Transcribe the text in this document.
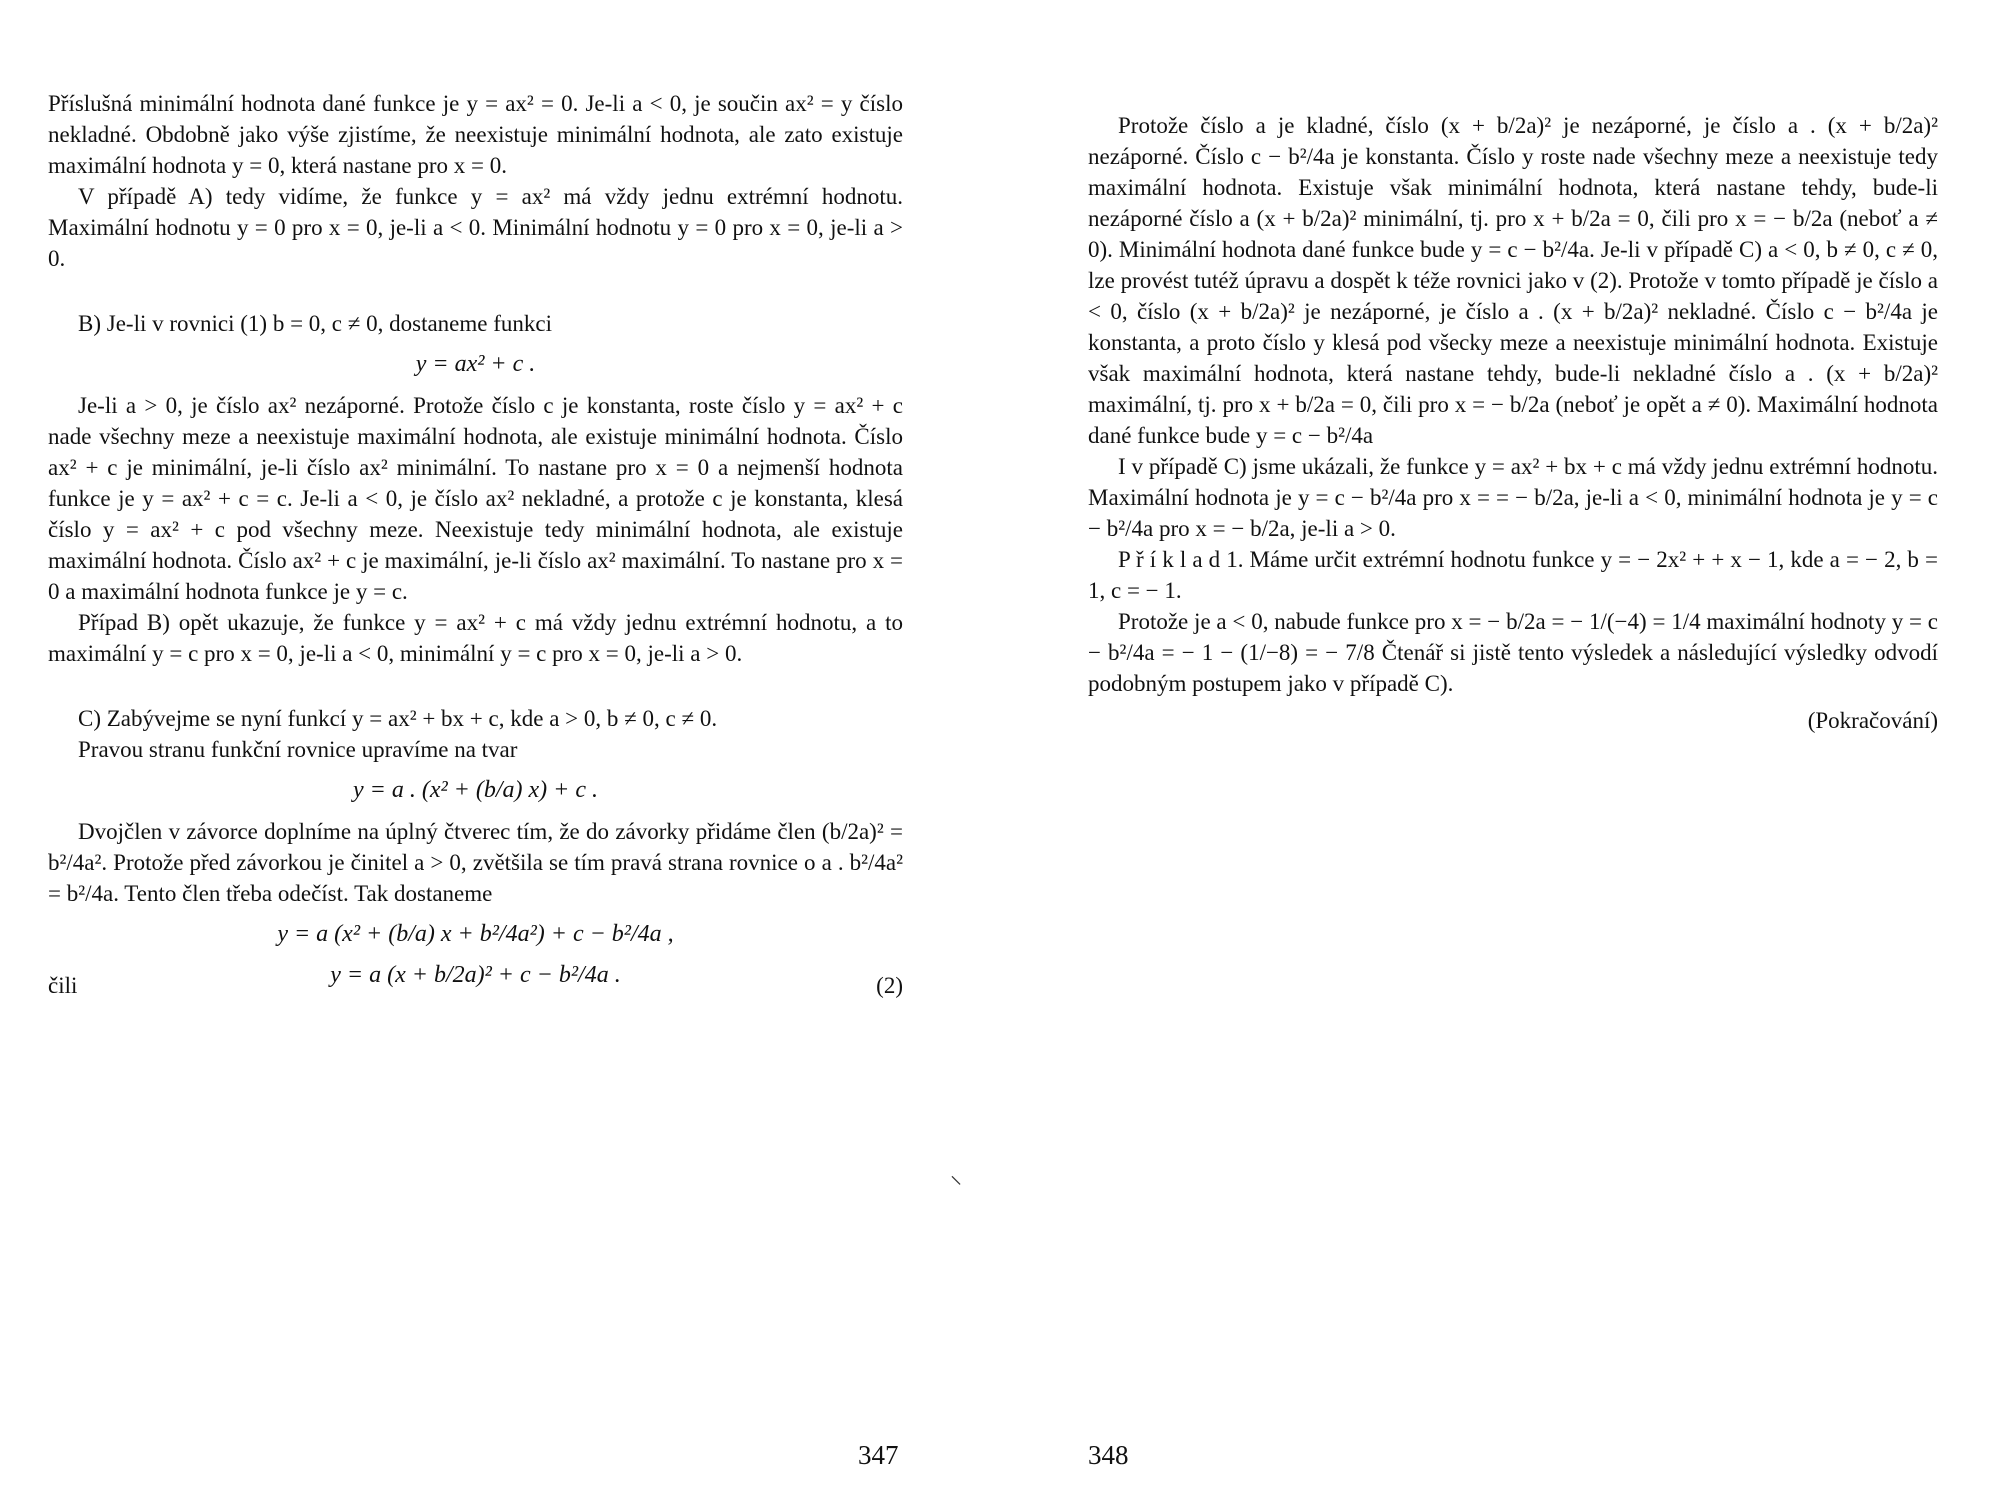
Příslušná minimální hodnota dané funkce je y = ax² = 0. Je-li a < 0, je součin ax² = y číslo nekladné. Obdobně jako výše zjistíme, že neexistuje minimální hodnota, ale zato existuje maximální hodnota y = 0, která nastane pro x = 0.

V případě A) tedy vidíme, že funkce y = ax² má vždy jednu extrémní hodnotu. Maximální hodnotu y = 0 pro x = 0, je-li a < 0. Minimální hodnotu y = 0 pro x = 0, je-li a > 0.

B) Je-li v rovnici (1) b = 0, c ≠ 0, dostaneme funkci

y = ax² + c .

Je-li a > 0, je číslo ax² nezáporné. Protože číslo c je konstanta, roste číslo y = ax² + c nade všechny meze a neexistuje maximální hodnota, ale existuje minimální hodnota. Číslo ax² + c je minimální, je-li číslo ax² minimální. To nastane pro x = 0 a nejmenší hodnota funkce je y = ax² + c = c. Je-li a < 0, je číslo ax² nekladné, a protože c je konstanta, klesá číslo y = ax² + c pod všechny meze. Neexistuje tedy minimální hodnota, ale existuje maximální hodnota. Číslo ax² + c je maximální, je-li číslo ax² maximální. To nastane pro x = 0 a maximální hodnota funkce je y = c.

Případ B) opět ukazuje, že funkce y = ax² + c má vždy jednu extrémní hodnotu, a to maximální y = c pro x = 0, je-li a < 0, minimální y = c pro x = 0, je-li a > 0.

C) Zabývejme se nyní funkcí y = ax² + bx + c, kde a > 0, b ≠ 0, c ≠ 0.

Pravou stranu funkční rovnice upravíme na tvar

y = a . (x² + (b/a) x) + c .

Dvojčlen v závorce doplníme na úplný čtverec tím, že do závorky přidáme člen (b/2a)² = b²/4a². Protože před závorkou je činitel a > 0, zvětšila se tím pravá strana rovnice o a . b²/4a² = b²/4a. Tento člen třeba odečíst. Tak dostaneme

y = a (x² + (b/a) x + b²/4a²) + c − b²/4a ,

čili	y = a (x + b/2a)² + c − b²/4a .	(2)
347
⸌

Protože číslo a je kladné, číslo (x + b/2a)² je nezáporné, je číslo a . (x + b/2a)² nezáporné. Číslo c − b²/4a je konstanta. Číslo y roste nade všechny meze a neexistuje tedy maximální hodnota. Existuje však minimální hodnota, která nastane tehdy, bude-li nezáporné číslo a (x + b/2a)² minimální, tj. pro x + b/2a = 0, čili pro x = − b/2a (neboť a ≠ 0). Minimální hodnota dané funkce bude y = c − b²/4a. Je-li v případě C) a < 0, b ≠ 0, c ≠ 0, lze provést tutéž úpravu a dospět k téže rovnici jako v (2). Protože v tomto případě je číslo a < 0, číslo (x + b/2a)² je nezáporné, je číslo a . (x + b/2a)² nekladné. Číslo c − b²/4a je konstanta, a proto číslo y klesá pod všecky meze a neexistuje minimální hodnota. Existuje však maximální hodnota, která nastane tehdy, bude-li nekladné číslo a . (x + b/2a)² maximální, tj. pro x + b/2a = 0, čili pro x = − b/2a (neboť je opět a ≠ 0). Maximální hodnota dané funkce bude y = c − b²/4a

I v případě C) jsme ukázali, že funkce y = ax² + bx + c má vždy jednu extrémní hodnotu. Maximální hodnota je y = c − b²/4a pro x = = − b/2a, je-li a < 0, minimální hodnota je y = c − b²/4a pro x = − b/2a, je-li a > 0.

P ř í k l a d 1. Máme určit extrémní hodnotu funkce y = − 2x² + + x − 1, kde a = − 2, b = 1, c = − 1.

Protože je a < 0, nabude funkce pro x = − b/2a = − 1/(−4) = 1/4 maximální hodnoty y = c − b²/4a = − 1 − (1/−8) = − 7/8 Čtenář si jistě tento výsledek a následující výsledky odvodí podobným postupem jako v případě C).

(Pokračování)

348
